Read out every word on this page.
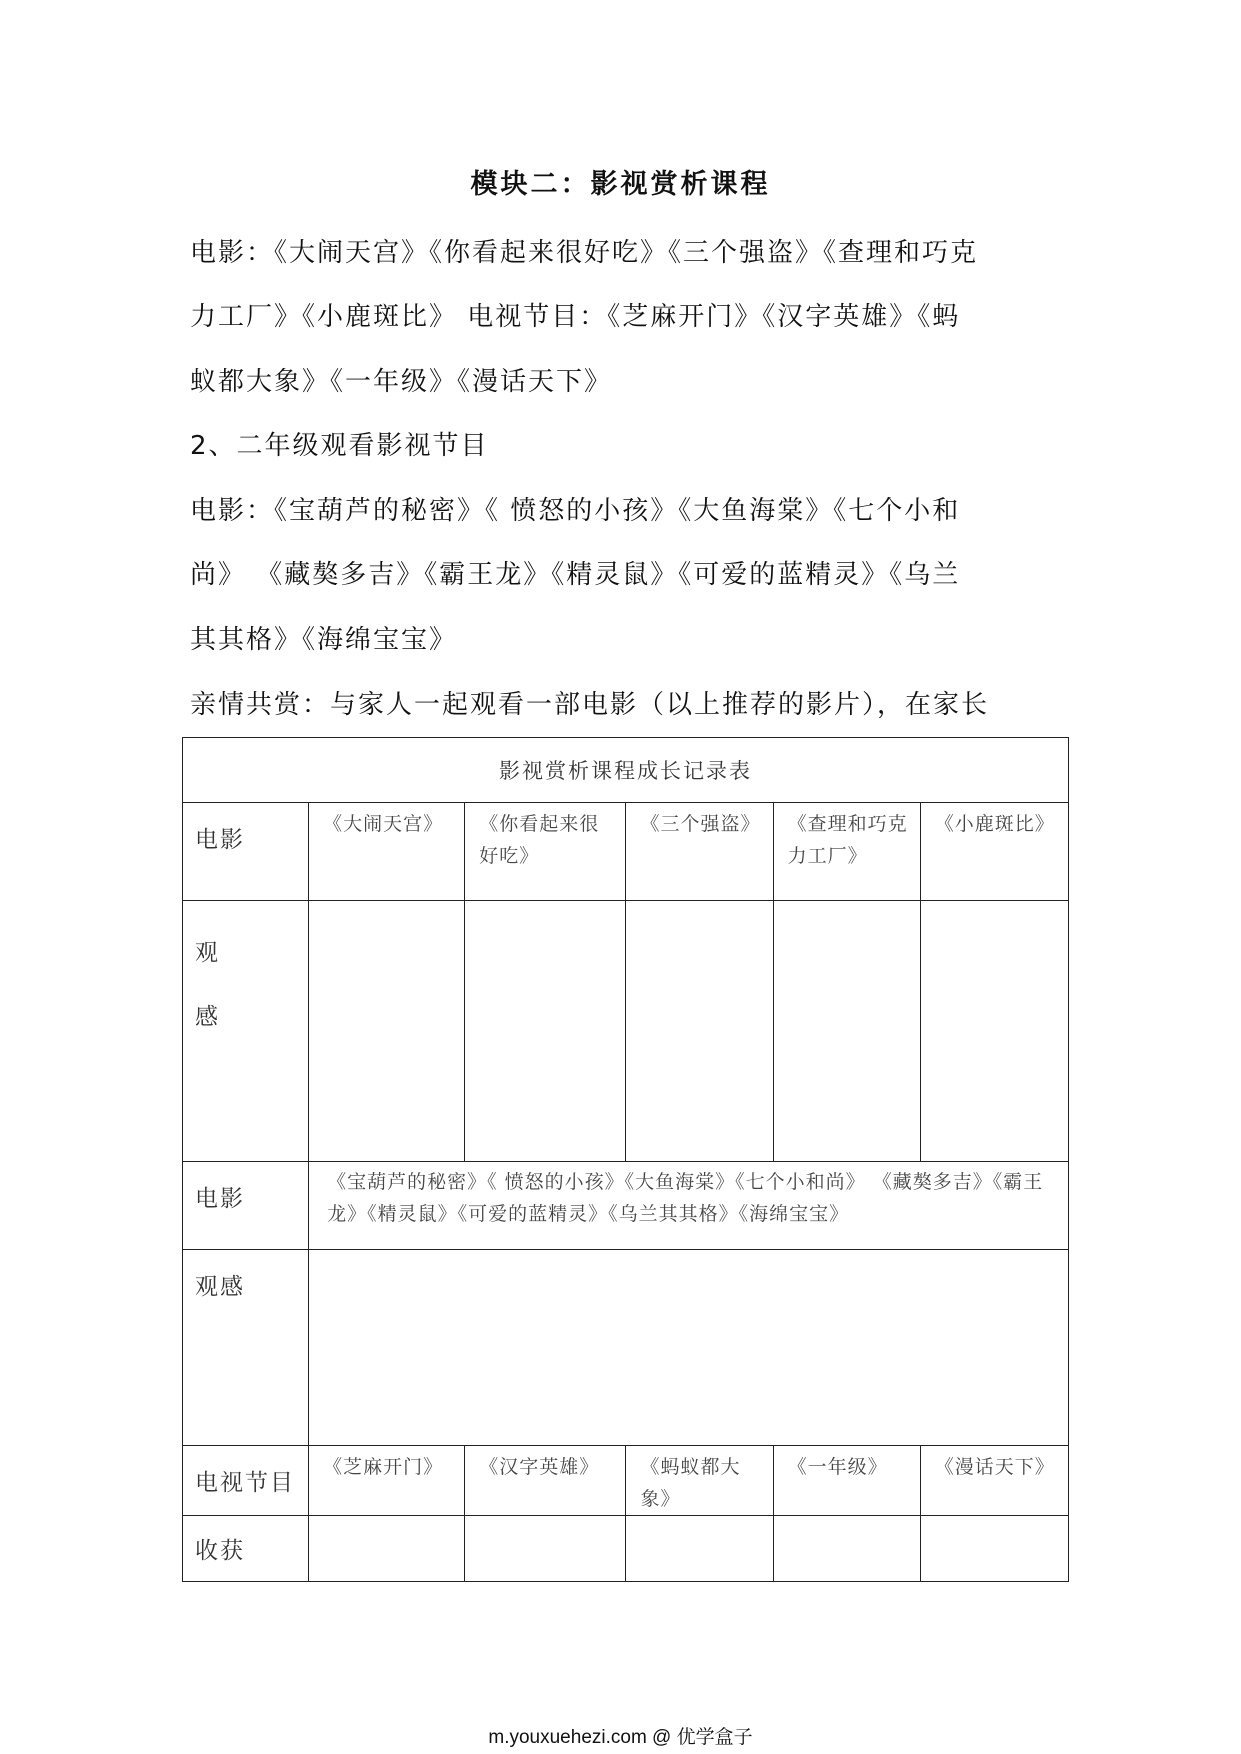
模块二：影视赏析课程
电影：《大闹天宫》《你看起来很好吃》《三个强盗》《查理和巧克
力工厂》《小鹿斑比》 电视节目：《芝麻开门》《汉字英雄》《蚂
蚁都大象》《一年级》《漫话天下》
2、二年级观看影视节目
电影：《宝葫芦的秘密》《 愤怒的小孩》《大鱼海棠》《七个小和
尚》 《藏獒多吉》《霸王龙》《精灵鼠》《可爱的蓝精灵》《乌兰
其其格》《海绵宝宝》
亲情共赏：与家人一起观看一部电影（以上推荐的影片），在家长
影视赏析课程成长记录表					
电影	《大闹天宫》	《你看起来很好吃》	《三个强盗》	《查理和巧克力工厂》	《小鹿斑比》

观
感					

电影	《宝葫芦的秘密》《 愤怒的小孩》《大鱼海棠》《七个小和尚》 《藏獒多吉》《霸王龙》《精灵鼠》《可爱的蓝精灵》《乌兰其其格》《海绵宝宝》				
观感					
电视节目	《芝麻开门》	《汉字英雄》	《蚂蚁都大象》	《一年级》	《漫话天下》
收获					
m.youxuehezi.com @ 优学盒子
